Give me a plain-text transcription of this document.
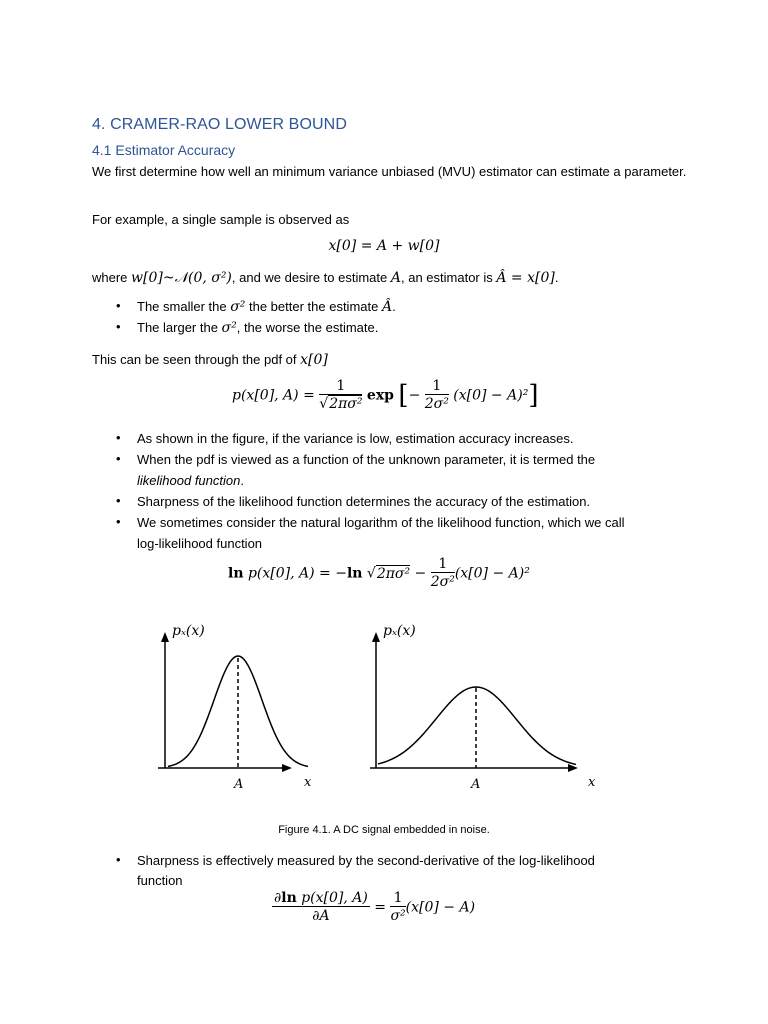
4. CRAMER-RAO LOWER BOUND
4.1 Estimator Accuracy
We first determine how well an minimum variance unbiased (MVU) estimator can estimate a parameter.
For example, a single sample is observed as
x[0] = A + w[0]
where w[0]~𝒩(0, σ²), and we desire to estimate A, an estimator is Â = x[0].
• The smaller the σ² the better the estimate Â.
• The larger the σ², the worse the estimate.
This can be seen through the pdf of x[0]
p(x[0], $A) = \frac{1}{\text{√2πσ²}}$ exp [− $\frac{1}{\text{2σ²}} (x[0] - A)^2$]
• As shown in the figure, if the variance is low, estimation accuracy increases.
• When the pdf is viewed as a function of the unknown parameter, it is termed the
likelihood function.
• Sharpness of the likelihood function determines the accuracy of the estimation.
• We sometimes consider the natural logarithm of the likelihood function, which we call
log-likelihood function
ln p(x[0], A) = −ln $√2\pi\sigma^2 - \frac{1}{\text{2σ²}} (x[0] - A)^2$
pₓ(x)
A	x
pₓ(x)
A	x
Figure 4.1. A DC signal embedded in noise.
• Sharpness is effectively measured by the second-derivative of the log-likelihood
function
$\frac{\text{∂ln p(x[0], A)}}{\partial A} = \frac{1}{\text{σ²}} (x[0] - A)$
